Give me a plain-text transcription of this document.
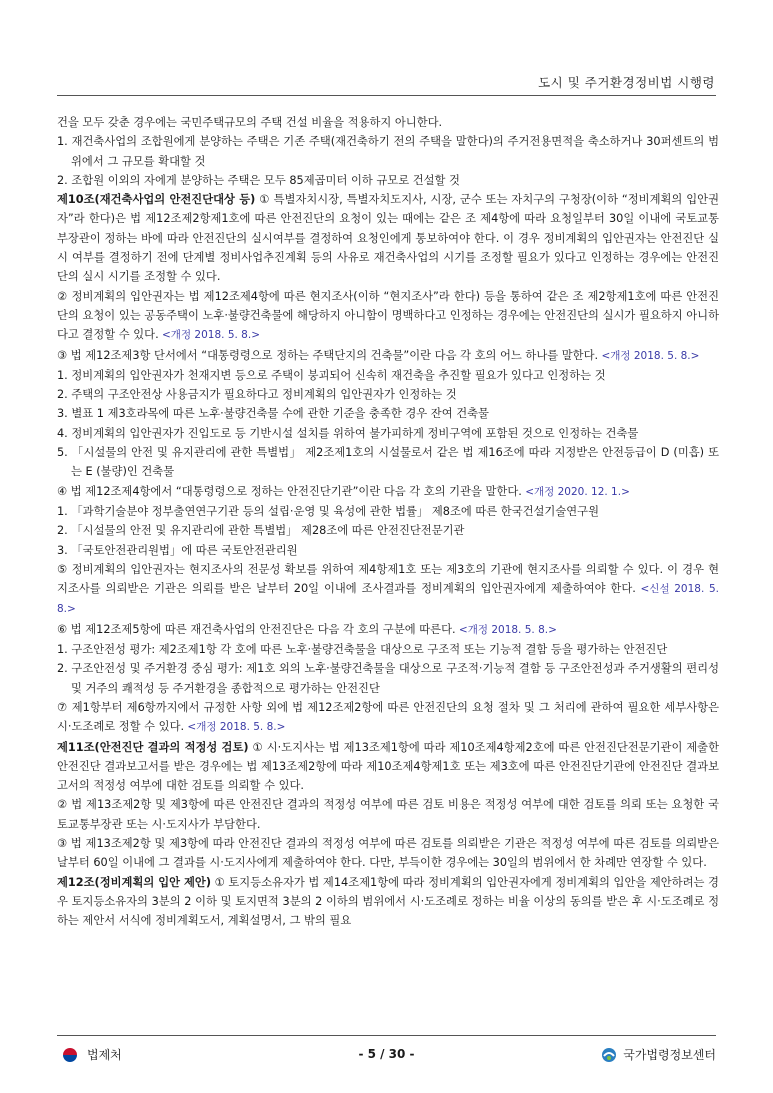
도시 및 주거환경정비법 시행령

건을 모두 갖춘 경우에는 국민주택규모의 주택 건설 비율을 적용하지 아니한다.

1. 재건축사업의 조합원에게 분양하는 주택은 기존 주택(재건축하기 전의 주택을 말한다)의 주거전용면적을 축소하거나 30퍼센트의 범위에서 그 규모를 확대할 것

2. 조합원 이외의 자에게 분양하는 주택은 모두 85제곱미터 이하 규모로 건설할 것

제10조(재건축사업의 안전진단대상 등) ① 특별자치시장, 특별자치도지사, 시장, 군수 또는 자치구의 구청장(이하 “정비계획의 입안권자”라 한다)은 법 제12조제2항제1호에 따른 안전진단의 요청이 있는 때에는 같은 조 제4항에 따라 요청일부터 30일 이내에 국토교통부장관이 정하는 바에 따라 안전진단의 실시여부를 결정하여 요청인에게 통보하여야 한다. 이 경우 정비계획의 입안권자는 안전진단 실시 여부를 결정하기 전에 단계별 정비사업추진계획 등의 사유로 재건축사업의 시기를 조정할 필요가 있다고 인정하는 경우에는 안전진단의 실시 시기를 조정할 수 있다.

② 정비계획의 입안권자는 법 제12조제4항에 따른 현지조사(이하 “현지조사”라 한다) 등을 통하여 같은 조 제2항제1호에 따른 안전진단의 요청이 있는 공동주택이 노후·불량건축물에 해당하지 아니함이 명백하다고 인정하는 경우에는 안전진단의 실시가 필요하지 아니하다고 결정할 수 있다. <개정 2018. 5. 8.>

③ 법 제12조제3항 단서에서 “대통령령으로 정하는 주택단지의 건축물”이란 다음 각 호의 어느 하나를 말한다. <개정 2018. 5. 8.>

1. 정비계획의 입안권자가 천재지변 등으로 주택이 붕괴되어 신속히 재건축을 추진할 필요가 있다고 인정하는 것

2. 주택의 구조안전상 사용금지가 필요하다고 정비계획의 입안권자가 인정하는 것

3. 별표 1 제3호라목에 따른 노후·불량건축물 수에 관한 기준을 충족한 경우 잔여 건축물

4. 정비계획의 입안권자가 진입도로 등 기반시설 설치를 위하여 불가피하게 정비구역에 포함된 것으로 인정하는 건축물

5. 「시설물의 안전 및 유지관리에 관한 특별법」 제2조제1호의 시설물로서 같은 법 제16조에 따라 지정받은 안전등급이 D (미흡) 또는 E (불량)인 건축물

④ 법 제12조제4항에서 “대통령령으로 정하는 안전진단기관”이란 다음 각 호의 기관을 말한다. <개정 2020. 12. 1.>

1. 「과학기술분야 정부출연연구기관 등의 설립·운영 및 육성에 관한 법률」 제8조에 따른 한국건설기술연구원

2. 「시설물의 안전 및 유지관리에 관한 특별법」 제28조에 따른 안전진단전문기관

3. 「국토안전관리원법」에 따른 국토안전관리원

⑤ 정비계획의 입안권자는 현지조사의 전문성 확보를 위하여 제4항제1호 또는 제3호의 기관에 현지조사를 의뢰할 수 있다. 이 경우 현지조사를 의뢰받은 기관은 의뢰를 받은 날부터 20일 이내에 조사결과를 정비계획의 입안권자에게 제출하여야 한다. <신설 2018. 5. 8.>

⑥ 법 제12조제5항에 따른 재건축사업의 안전진단은 다음 각 호의 구분에 따른다. <개정 2018. 5. 8.>

1. 구조안전성 평가: 제2조제1항 각 호에 따른 노후·불량건축물을 대상으로 구조적 또는 기능적 결함 등을 평가하는 안전진단

2. 구조안전성 및 주거환경 중심 평가: 제1호 외의 노후·불량건축물을 대상으로 구조적·기능적 결함 등 구조안전성과 주거생활의 편리성 및 거주의 쾌적성 등 주거환경을 종합적으로 평가하는 안전진단

⑦ 제1항부터 제6항까지에서 규정한 사항 외에 법 제12조제2항에 따른 안전진단의 요청 절차 및 그 처리에 관하여 필요한 세부사항은 시·도조례로 정할 수 있다. <개정 2018. 5. 8.>

제11조(안전진단 결과의 적정성 검토) ① 시·도지사는 법 제13조제1항에 따라 제10조제4항제2호에 따른 안전진단전문기관이 제출한 안전진단 결과보고서를 받은 경우에는 법 제13조제2항에 따라 제10조제4항제1호 또는 제3호에 따른 안전진단기관에 안전진단 결과보고서의 적정성 여부에 대한 검토를 의뢰할 수 있다.

② 법 제13조제2항 및 제3항에 따른 안전진단 결과의 적정성 여부에 따른 검토 비용은 적정성 여부에 대한 검토를 의뢰 또는 요청한 국토교통부장관 또는 시·도지사가 부담한다.

③ 법 제13조제2항 및 제3항에 따라 안전진단 결과의 적정성 여부에 따른 검토를 의뢰받은 기관은 적정성 여부에 따른 검토를 의뢰받은 날부터 60일 이내에 그 결과를 시·도지사에게 제출하여야 한다. 다만, 부득이한 경우에는 30일의 범위에서 한 차례만 연장할 수 있다.

제12조(정비계획의 입안 제안) ① 토지등소유자가 법 제14조제1항에 따라 정비계획의 입안권자에게 정비계획의 입안을 제안하려는 경우 토지등소유자의 3분의 2 이하 및 토지면적 3분의 2 이하의 범위에서 시·도조례로 정하는 비율 이상의 동의를 받은 후 시·도조례로 정하는 제안서 서식에 정비계획도서, 계획설명서, 그 밖의 필요

법제처	- 5 / 30 -	국가법령정보센터
